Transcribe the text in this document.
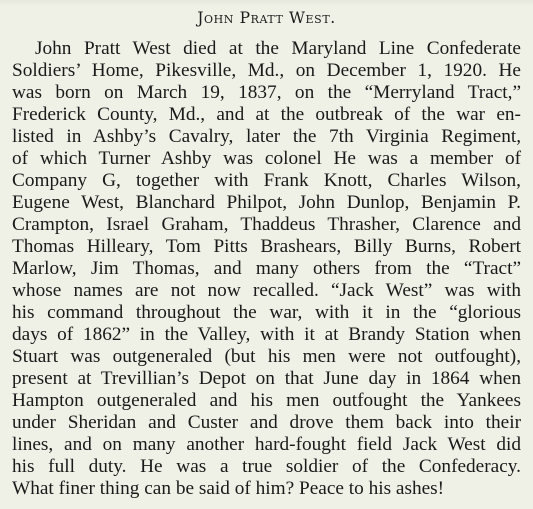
John Pratt West.
John Pratt West died at the Maryland Line Confederate
Soldiers’ Home, Pikesville, Md., on December 1, 1920. He
was born on March 19, 1837, on the “Merryland Tract,”
Frederick County, Md., and at the outbreak of the war en-
listed in Ashby’s Cavalry, later the 7th Virginia Regiment,
of which Turner Ashby was colonel He was a member of
Company G, together with Frank Knott, Charles Wilson,
Eugene West, Blanchard Philpot, John Dunlop, Benjamin P.
Crampton, Israel Graham, Thaddeus Thrasher, Clarence and
Thomas Hilleary, Tom Pitts Brashears, Billy Burns, Robert
Marlow, Jim Thomas, and many others from the “Tract”
whose names are not now recalled. “Jack West” was with
his command throughout the war, with it in the “glorious
days of 1862” in the Valley, with it at Brandy Station when
Stuart was outgeneraled (but his men were not outfought),
present at Trevillian’s Depot on that June day in 1864 when
Hampton outgeneraled and his men outfought the Yankees
under Sheridan and Custer and drove them back into their
lines, and on many another hard-fought field Jack West did
his full duty. He was a true soldier of the Confederacy.
What finer thing can be said of him? Peace to his ashes!
